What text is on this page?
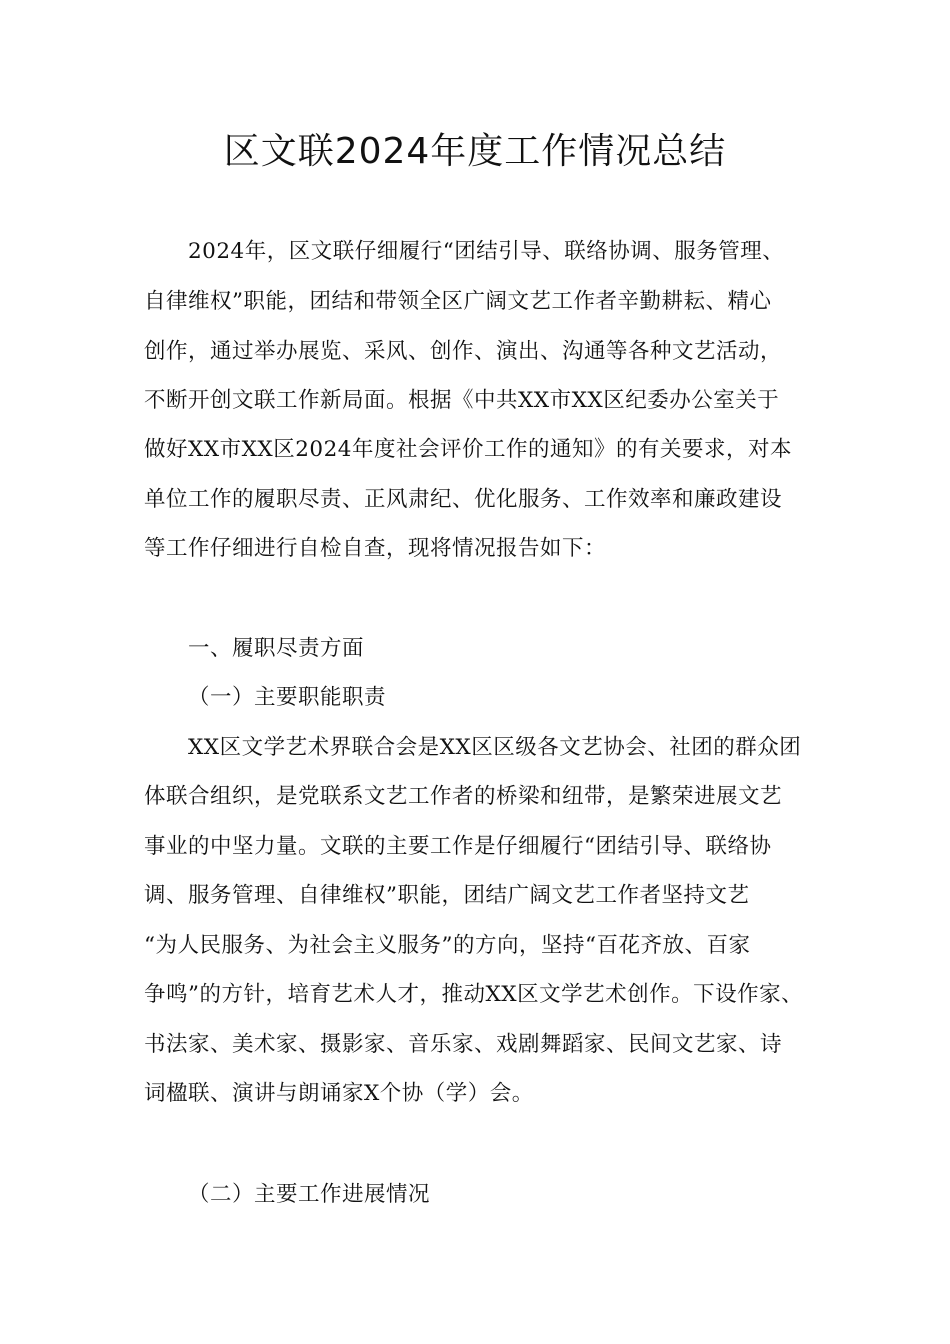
区文联2024年度工作情况总结
2024年，区文联仔细履行“团结引导、联络协调、服务管理、
自律维权”职能，团结和带领全区广阔文艺工作者辛勤耕耘、精心
创作，通过举办展览、采风、创作、演出、沟通等各种文艺活动，
不断开创文联工作新局面。根据《中共XX市XX区纪委办公室关于
做好XX市XX区2024年度社会评价工作的通知》的有关要求，对本
单位工作的履职尽责、正风肃纪、优化服务、工作效率和廉政建设
等工作仔细进行自检自查，现将情况报告如下：
一、履职尽责方面
（一）主要职能职责
XX区文学艺术界联合会是XX区区级各文艺协会、社团的群众团
体联合组织，是党联系文艺工作者的桥梁和纽带，是繁荣进展文艺
事业的中坚力量。文联的主要工作是仔细履行“团结引导、联络协
调、服务管理、自律维权”职能，团结广阔文艺工作者坚持文艺
“为人民服务、为社会主义服务”的方向，坚持“百花齐放、百家
争鸣”的方针，培育艺术人才，推动XX区文学艺术创作。下设作家、
书法家、美术家、摄影家、音乐家、戏剧舞蹈家、民间文艺家、诗
词楹联、演讲与朗诵家X个协（学）会。
（二）主要工作进展情况
